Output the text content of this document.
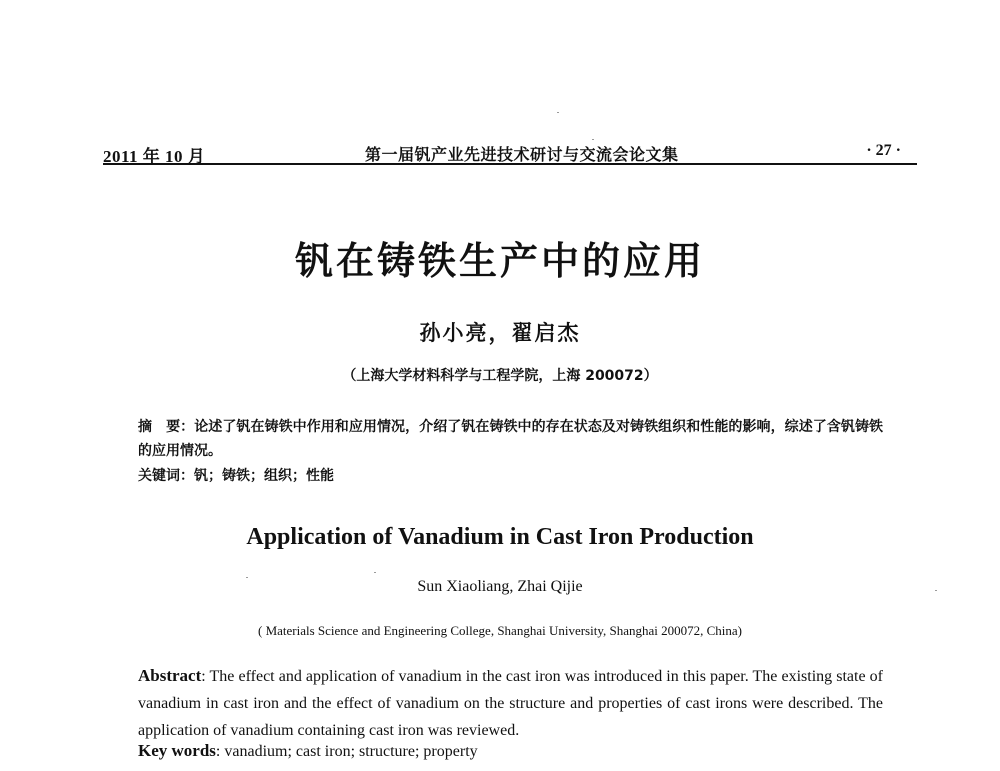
2011 年 10 月	第一届钒产业先进技术研讨与交流会论文集	· 27 ·
钒在铸铁生产中的应用
孙小亮，翟启杰
（上海大学材料科学与工程学院，上海 200072）
摘　要：论述了钒在铸铁中作用和应用情况，介绍了钒在铸铁中的存在状态及对铸铁组织和性能的影响，综述了含钒铸铁的应用情况。
关键词：钒；铸铁；组织；性能
Application of Vanadium in Cast Iron Production
Sun Xiaoliang, Zhai Qijie
( Materials Science and Engineering College, Shanghai University, Shanghai 200072, China)
Abstract: The effect and application of vanadium in the cast iron was introduced in this paper. The existing state of vanadium in cast iron and the effect of vanadium on the structure and properties of cast irons were described. The application of vanadium containing cast iron was reviewed.
Key words: vanadium; cast iron; structure; property
